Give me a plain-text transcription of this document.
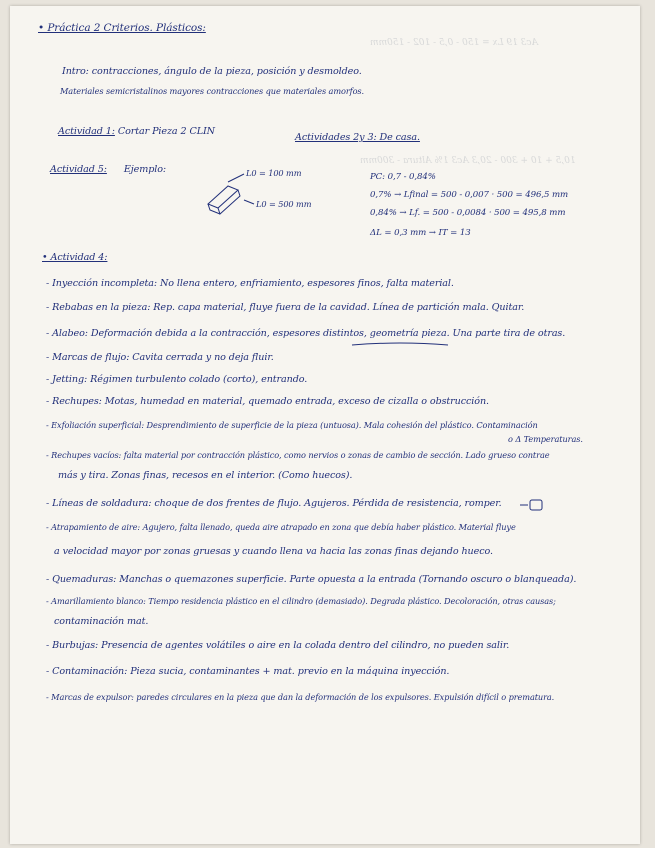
Ac3 19 Lx = 150 - 0,5 - 102 - 150mm
10,5 + 10 + 300 - 20,3 Ac3 1% Altura - 300mm
• Práctica 2 Criterios. Plásticos:
Intro: contracciones, ángulo de la pieza, posición y desmoldeo.
Materiales semicristalinos mayores contracciones que materiales amorfos.
Actividad 1: Cortar Pieza 2 CLIN
Actividades 2y 3: De casa.
Actividad 5: Ejemplo:	L0 = 100 mm
L0 = 500 mm
PC: 0,7 - 0,84%
0,7% → Lfinal = 500 - 0,007 · 500 = 496,5 mm
0,84% → Lf. = 500 - 0,0084 · 500 = 495,8 mm
ΔL = 0,3 mm → IT = 13
• Actividad 4:
- Inyección incompleta: No llena entero, enfriamiento, espesores finos, falta material.
- Rebabas en la pieza: Rep. capa material, fluye fuera de la cavidad. Línea de partición mala. Quitar.
- Alabeo: Deformación debida a la contracción, espesores distintos, geometría pieza. Una parte tira de otras.
- Marcas de flujo: Cavita cerrada y no deja fluir.
- Jetting: Régimen turbulento colado (corto), entrando.
- Rechupes: Motas, humedad en material, quemado entrada, exceso de cizalla o obstrucción.
- Exfoliación superficial: Desprendimiento de superficie de la pieza (untuosa). Mala cohesión del plástico. Contaminación
o Δ Temperaturas.
- Rechupes vacíos: falta material por contracción plástico, como nervios o zonas de cambio de sección. Lado grueso contrae
más y tira. Zonas finas, recesos en el interior. (Como huecos).
- Líneas de soldadura: choque de dos frentes de flujo. Agujeros. Pérdida de resistencia, romper.
- Atrapamiento de aire: Agujero, falta llenado, queda aire atrapado en zona que debía haber plástico. Material fluye
a velocidad mayor por zonas gruesas y cuando llena va hacia las zonas finas dejando hueco.
- Quemaduras: Manchas o quemazones superficie. Parte opuesta a la entrada (Tornando oscuro o blanqueada).
- Amarillamiento blanco: Tiempo residencia plástico en el cilindro (demasiado). Degrada plástico. Decoloración, otras causas;
contaminación mat.
- Burbujas: Presencia de agentes volátiles o aire en la colada dentro del cilindro, no pueden salir.
- Contaminación: Pieza sucia, contaminantes + mat. previo en la máquina inyección.
- Marcas de expulsor: paredes circulares en la pieza que dan la deformación de los expulsores. Expulsión difícil o prematura.
